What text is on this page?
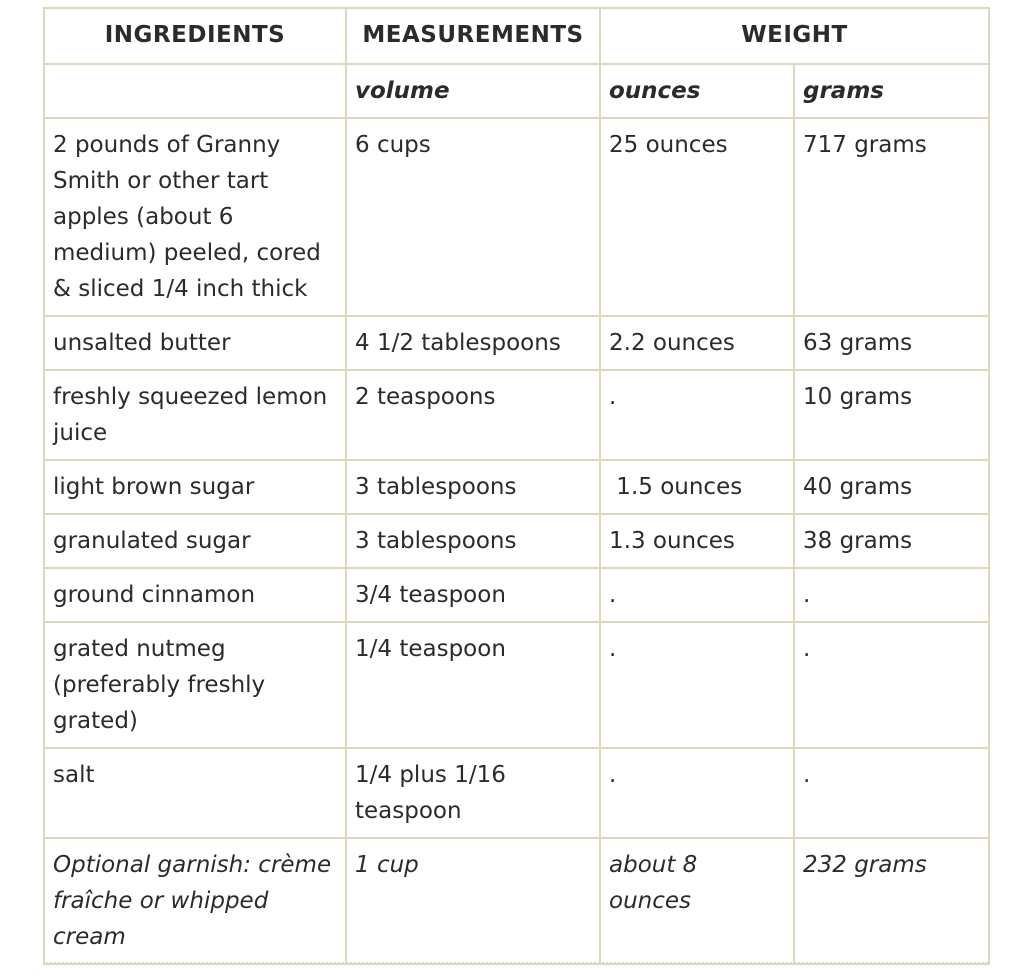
INGREDIENTS	MEASUREMENTS	WEIGHT	
	volume	ounces	grams
2 pounds of Granny Smith or other tart apples (about 6 medium) peeled, cored & sliced 1/4 inch thick	6 cups	25 ounces	717 grams
unsalted butter	4 1/2 tablespoons	2.2 ounces	63 grams
freshly squeezed lemon juice	2 teaspoons	.	10 grams
light brown sugar	3 tablespoons	1.5 ounces	40 grams
granulated sugar	3 tablespoons	1.3 ounces	38 grams
ground cinnamon	3/4 teaspoon	.	.
grated nutmeg (preferably freshly grated)	1/4 teaspoon	.	.
salt	1/4 plus 1/16 teaspoon	.	.
Optional garnish: crème fraîche or whipped cream	1 cup	about 8 ounces	232 grams
